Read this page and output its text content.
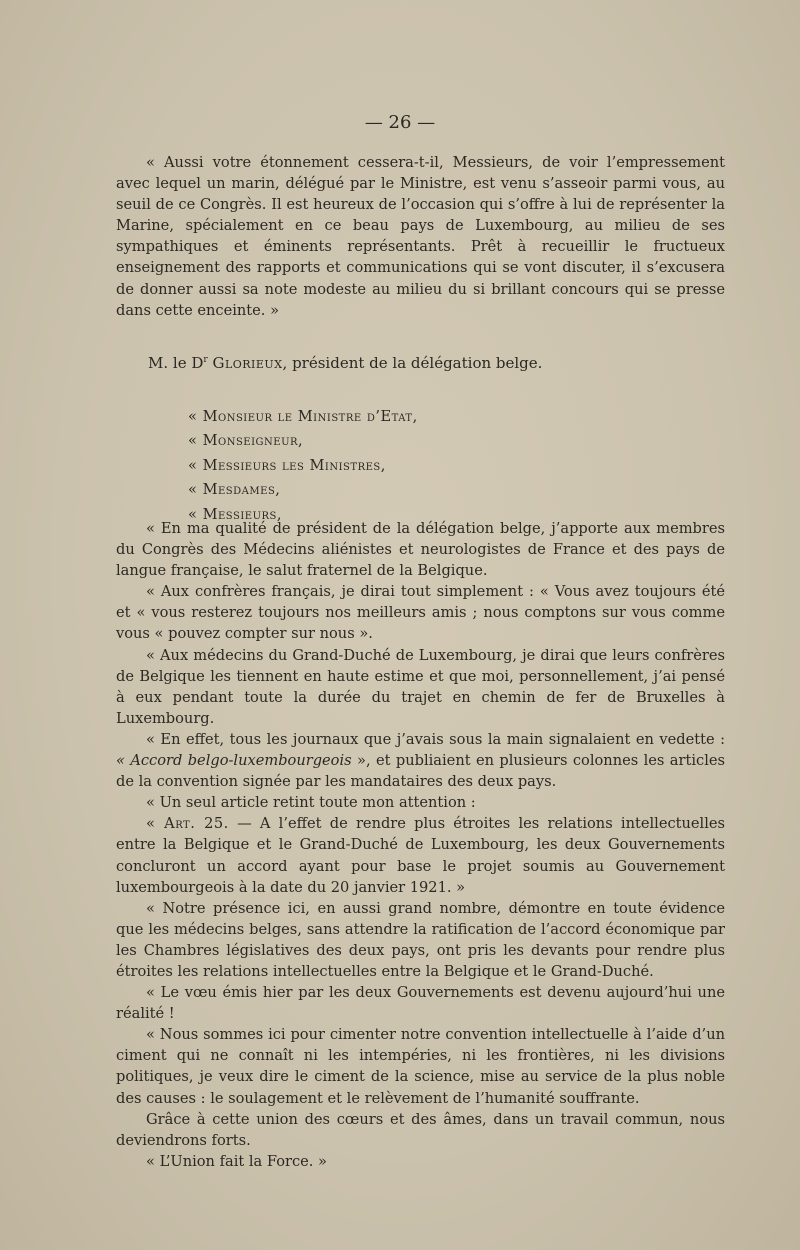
— 26 —

« Aussi votre étonnement cessera-t-il, Messieurs, de voir l’empressement avec lequel un marin, délégué par le Ministre, est venu s’asseoir parmi vous, au seuil de ce Congrès. Il est heureux de l’occasion qui s’offre à lui de représenter la Marine, spécialement en ce beau pays de Luxembourg, au milieu de ses sympathiques et éminents représentants. Prêt à recueillir le fructueux enseignement des rapports et communications qui se vont discuter, il s’excusera de donner aussi sa note modeste au milieu du si brillant concours qui se presse dans cette enceinte. »

M. le $D^r$ Glorieux, président de la délégation belge.
« Monsieur le Ministre d’Etat,
« Monseigneur,
« Messieurs les Ministres,
« Mesdames,
« Messieurs,

« En ma qualité de président de la délégation belge, j’apporte aux membres du Congrès des Médecins aliénistes et neurologistes de France et des pays de langue française, le salut fraternel de la Belgique.

« Aux confrères français, je dirai tout simplement : « Vous avez toujours été et « vous resterez toujours nos meilleurs amis ; nous comptons sur vous comme vous « pouvez compter sur nous ».

« Aux médecins du Grand-Duché de Luxembourg, je dirai que leurs confrères de Belgique les tiennent en haute estime et que moi, personnellement, j’ai pensé à eux pendant toute la durée du trajet en chemin de fer de Bruxelles à Luxembourg.

« En effet, tous les journaux que j’avais sous la main signalaient en vedette : « Accord belgo-luxembourgeois », et publiaient en plusieurs colonnes les articles de la convention signée par les mandataires des deux pays.

« Un seul article retint toute mon attention :

« Art. 25. — A l’effet de rendre plus étroites les relations intellectuelles entre la Belgique et le Grand-Duché de Luxembourg, les deux Gouvernements concluront un accord ayant pour base le projet soumis au Gouvernement luxembourgeois à la date du 20 janvier 1921. »

« Notre présence ici, en aussi grand nombre, démontre en toute évidence que les médecins belges, sans attendre la ratification de l’accord économique par les Chambres législatives des deux pays, ont pris les devants pour rendre plus étroites les relations intellectuelles entre la Belgique et le Grand-Duché.

« Le vœu émis hier par les deux Gouvernements est devenu aujourd’hui une réalité !

« Nous sommes ici pour cimenter notre convention intellectuelle à l’aide d’un ciment qui ne connaît ni les intempéries, ni les frontières, ni les divisions politiques, je veux dire le ciment de la science, mise au service de la plus noble des causes : le soulagement et le relèvement de l’humanité souffrante.

Grâce à cette union des cœurs et des âmes, dans un travail commun, nous deviendrons forts.

« L’Union fait la Force. »
